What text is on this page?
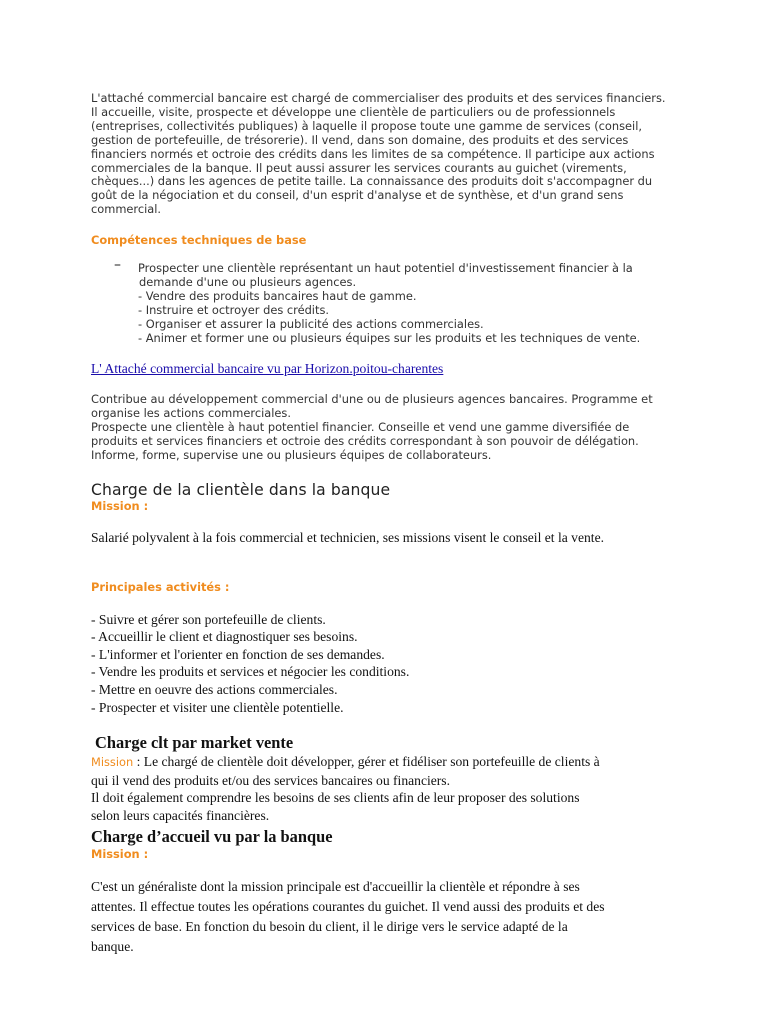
L'attaché commercial bancaire est chargé de commercialiser des produits et des services financiers.
Il accueille, visite, prospecte et développe une clientèle de particuliers ou de professionnels
(entreprises, collectivités publiques) à laquelle il propose toute une gamme de services (conseil,
gestion de portefeuille, de trésorerie). Il vend, dans son domaine, des produits et des services
financiers normés et octroie des crédits dans les limites de sa compétence. Il participe aux actions
commerciales de la banque. Il peut aussi assurer les services courants au guichet (virements,
chèques...) dans les agences de petite taille. La connaissance des produits doit s'accompagner du
goût de la négociation et du conseil, d'un esprit d'analyse et de synthèse, et d'un grand sens
commercial.
Compétences techniques de base
– Prospecter une clientèle représentant un haut potentiel d'investissement financier à la
demande d'une ou plusieurs agences.
- Vendre des produits bancaires haut de gamme.
- Instruire et octroyer des crédits.
- Organiser et assurer la publicité des actions commerciales.
- Animer et former une ou plusieurs équipes sur les produits et les techniques de vente.
L' Attaché commercial bancaire vu par Horizon.poitou-charentes
Contribue au développement commercial d'une ou de plusieurs agences bancaires. Programme et
organise les actions commerciales.
Prospecte une clientèle à haut potentiel financier. Conseille et vend une gamme diversifiée de
produits et services financiers et octroie des crédits correspondant à son pouvoir de délégation.
Informe, forme, supervise une ou plusieurs équipes de collaborateurs.
Charge de la clientèle dans la banque
Mission :
Salarié polyvalent à la fois commercial et technicien, ses missions visent le conseil et la vente.
Principales activités :
- Suivre et gérer son portefeuille de clients.
- Accueillir le client et diagnostiquer ses besoins.
- L'informer et l'orienter en fonction de ses demandes.
- Vendre les produits et services et négocier les conditions.
- Mettre en oeuvre des actions commerciales.
- Prospecter et visiter une clientèle potentielle.
Charge clt par market vente
Mission : Le chargé de clientèle doit développer, gérer et fidéliser son portefeuille de clients à
qui il vend des produits et/ou des services bancaires ou financiers.
Il doit également comprendre les besoins de ses clients afin de leur proposer des solutions
selon leurs capacités financières.
Charge d’accueil vu par la banque
Mission :
C'est un généraliste dont la mission principale est d'accueillir la clientèle et répondre à ses
attentes. Il effectue toutes les opérations courantes du guichet. Il vend aussi des produits et des
services de base. En fonction du besoin du client, il le dirige vers le service adapté de la
banque.
